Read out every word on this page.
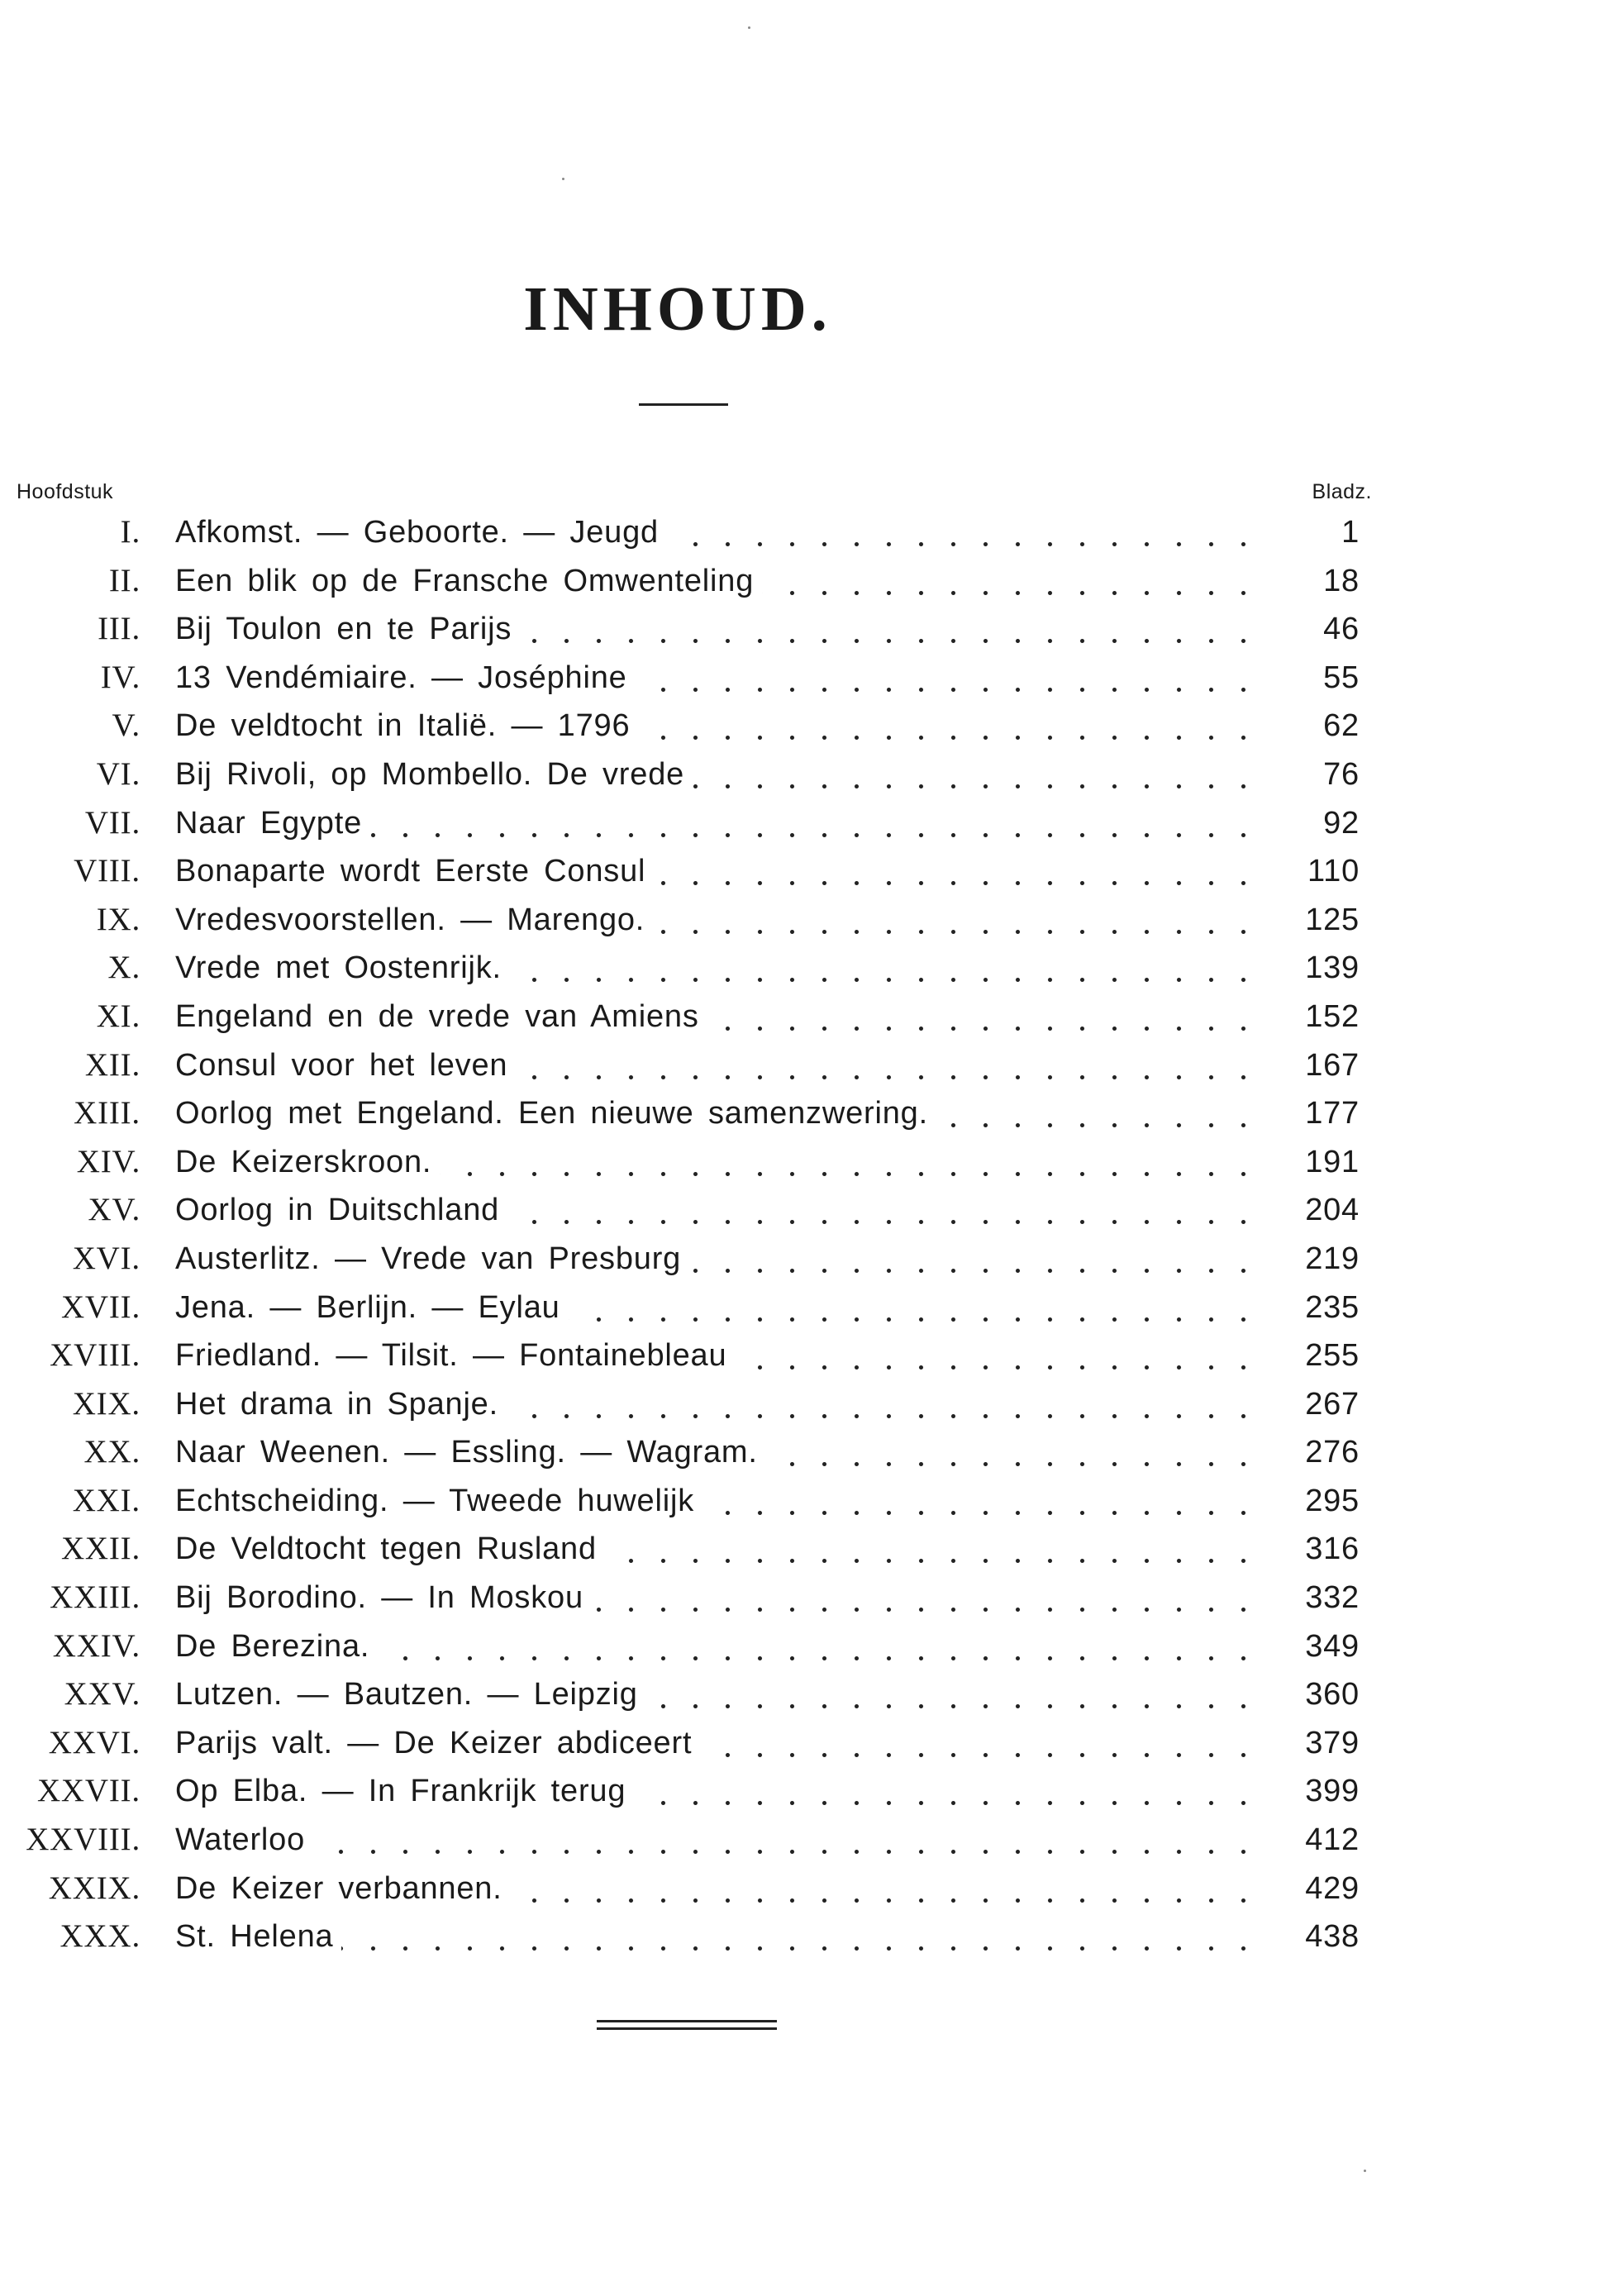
INHOUD.
Hoofdstuk	Bladz.
I. Afkomst. — Geboorte. — Jeugd	1
II. Een blik op de Fransche Omwenteling	18
III. Bij Toulon en te Parijs	46
IV. 13 Vendémiaire. — Joséphine	55
V. De veldtocht in Italië. — 1796	62
VI. Bij Rivoli, op Mombello. De vrede	76
VII. Naar Egypte	92
VIII. Bonaparte wordt Eerste Consul	110
IX. Vredesvoorstellen. — Marengo.	125
X. Vrede met Oostenrijk.	139
XI. Engeland en de vrede van Amiens	152
XII. Consul voor het leven	167
XIII. Oorlog met Engeland. Een nieuwe samenzwering.	177
XIV. De Keizerskroon.	191
XV. Oorlog in Duitschland	204
XVI. Austerlitz. — Vrede van Presburg	219
XVII. Jena. — Berlijn. — Eylau	235
XVIII. Friedland. — Tilsit. — Fontainebleau	255
XIX. Het drama in Spanje.	267
XX. Naar Weenen. — Essling. — Wagram.	276
XXI. Echtscheiding. — Tweede huwelijk	295
XXII. De Veldtocht tegen Rusland	316
XXIII. Bij Borodino. — In Moskou	332
XXIV. De Berezina.	349
XXV. Lutzen. — Bautzen. — Leipzig	360
XXVI. Parijs valt. — De Keizer abdiceert	379
XXVII. Op Elba. — In Frankrijk terug	399
XXVIII. Waterloo	412
XXIX. De Keizer verbannen.	429
XXX. St. Helena	438
